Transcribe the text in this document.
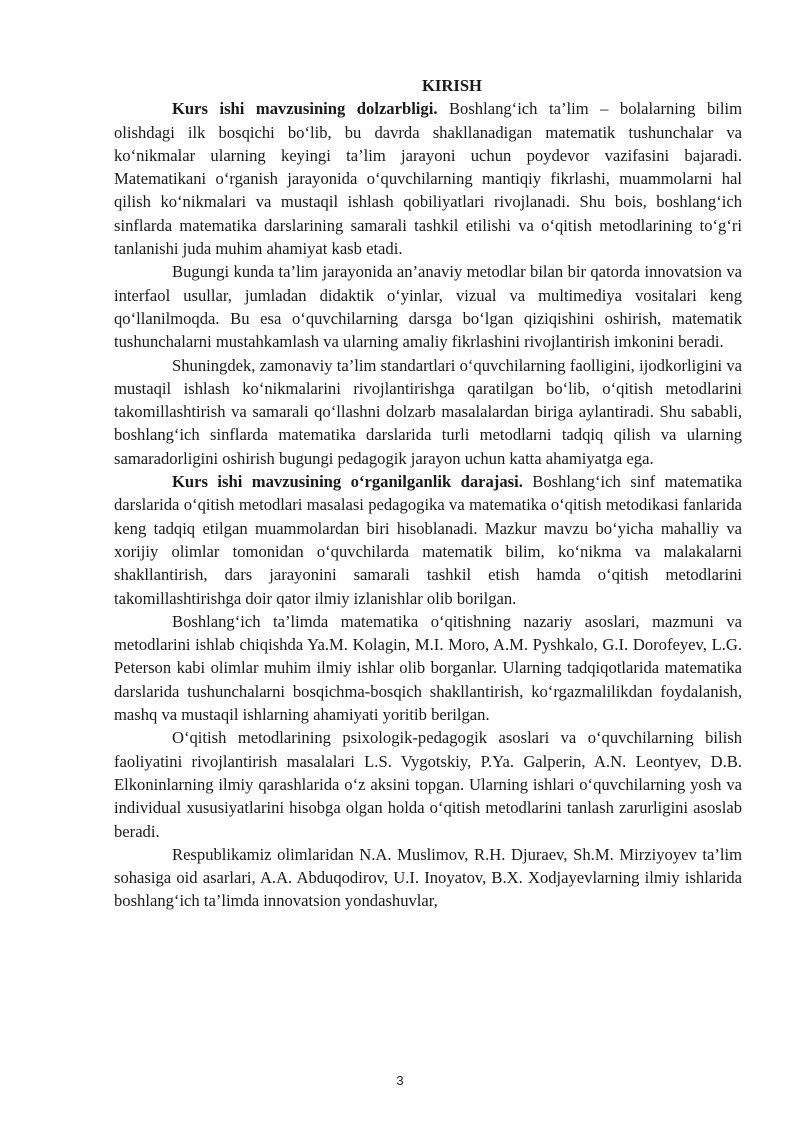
KIRISH

Kurs ishi mavzusining dolzarbligi. Boshlang‘ich ta’lim – bolalarning bilim olishdagi ilk bosqichi bo‘lib, bu davrda shakllanadigan matematik tushunchalar va ko‘nikmalar ularning keyingi ta’lim jarayoni uchun poydevor vazifasini bajaradi. Matematikani o‘rganish jarayonida o‘quvchilarning mantiqiy fikrlashi, muammolarni hal qilish ko‘nikmalari va mustaqil ishlash qobiliyatlari rivojlanadi. Shu bois, boshlang‘ich sinflarda matematika darslarining samarali tashkil etilishi va o‘qitish metodlarining to‘g‘ri tanlanishi juda muhim ahamiyat kasb etadi.

Bugungi kunda ta’lim jarayonida an’anaviy metodlar bilan bir qatorda innovatsion va interfaol usullar, jumladan didaktik o‘yinlar, vizual va multimediya vositalari keng qo‘llanilmoqda. Bu esa o‘quvchilarning darsga bo‘lgan qiziqishini oshirish, matematik tushunchalarni mustahkamlash va ularning amaliy fikrlashini rivojlantirish imkonini beradi.

Shuningdek, zamonaviy ta’lim standartlari o‘quvchilarning faolligini, ijodkorligini va mustaqil ishlash ko‘nikmalarini rivojlantirishga qaratilgan bo‘lib, o‘qitish metodlarini takomillashtirish va samarali qo‘llashni dolzarb masalalardan biriga aylantiradi. Shu sababli, boshlang‘ich sinflarda matematika darslarida turli metodlarni tadqiq qilish va ularning samaradorligini oshirish bugungi pedagogik jarayon uchun katta ahamiyatga ega.

Kurs ishi mavzusining o‘rganilganlik darajasi. Boshlang‘ich sinf matematika darslarida o‘qitish metodlari masalasi pedagogika va matematika o‘qitish metodikasi fanlarida keng tadqiq etilgan muammolardan biri hisoblanadi. Mazkur mavzu bo‘yicha mahalliy va xorijiy olimlar tomonidan o‘quvchilarda matematik bilim, ko‘nikma va malakalarni shakllantirish, dars jarayonini samarali tashkil etish hamda o‘qitish metodlarini takomillashtirishga doir qator ilmiy izlanishlar olib borilgan.

Boshlang‘ich ta’limda matematika o‘qitishning nazariy asoslari, mazmuni va metodlarini ishlab chiqishda Ya.M. Kolagin, M.I. Moro, A.M. Pyshkalo, G.I. Dorofeyev, L.G. Peterson kabi olimlar muhim ilmiy ishlar olib borganlar. Ularning tadqiqotlarida matematika darslarida tushunchalarni bosqichma-bosqich shakllantirish, ko‘rgazmalilikdan foydalanish, mashq va mustaqil ishlarning ahamiyati yoritib berilgan.

O‘qitish metodlarining psixologik-pedagogik asoslari va o‘quvchilarning bilish faoliyatini rivojlantirish masalalari L.S. Vygotskiy, P.Ya. Galperin, A.N. Leontyev, D.B. Elkoninlarning ilmiy qarashlarida o‘z aksini topgan. Ularning ishlari o‘quvchilarning yosh va individual xususiyatlarini hisobga olgan holda o‘qitish metodlarini tanlash zarurligini asoslab beradi.

Respublikamiz olimlaridan N.A. Muslimov, R.H. Djuraev, Sh.M. Mirziyoyev ta’lim sohasiga oid asarlari, A.A. Abduqodirov, U.I. Inoyatov, B.X. Xodjayevlarning ilmiy ishlarida boshlang‘ich ta’limda innovatsion yondashuvlar,

3
